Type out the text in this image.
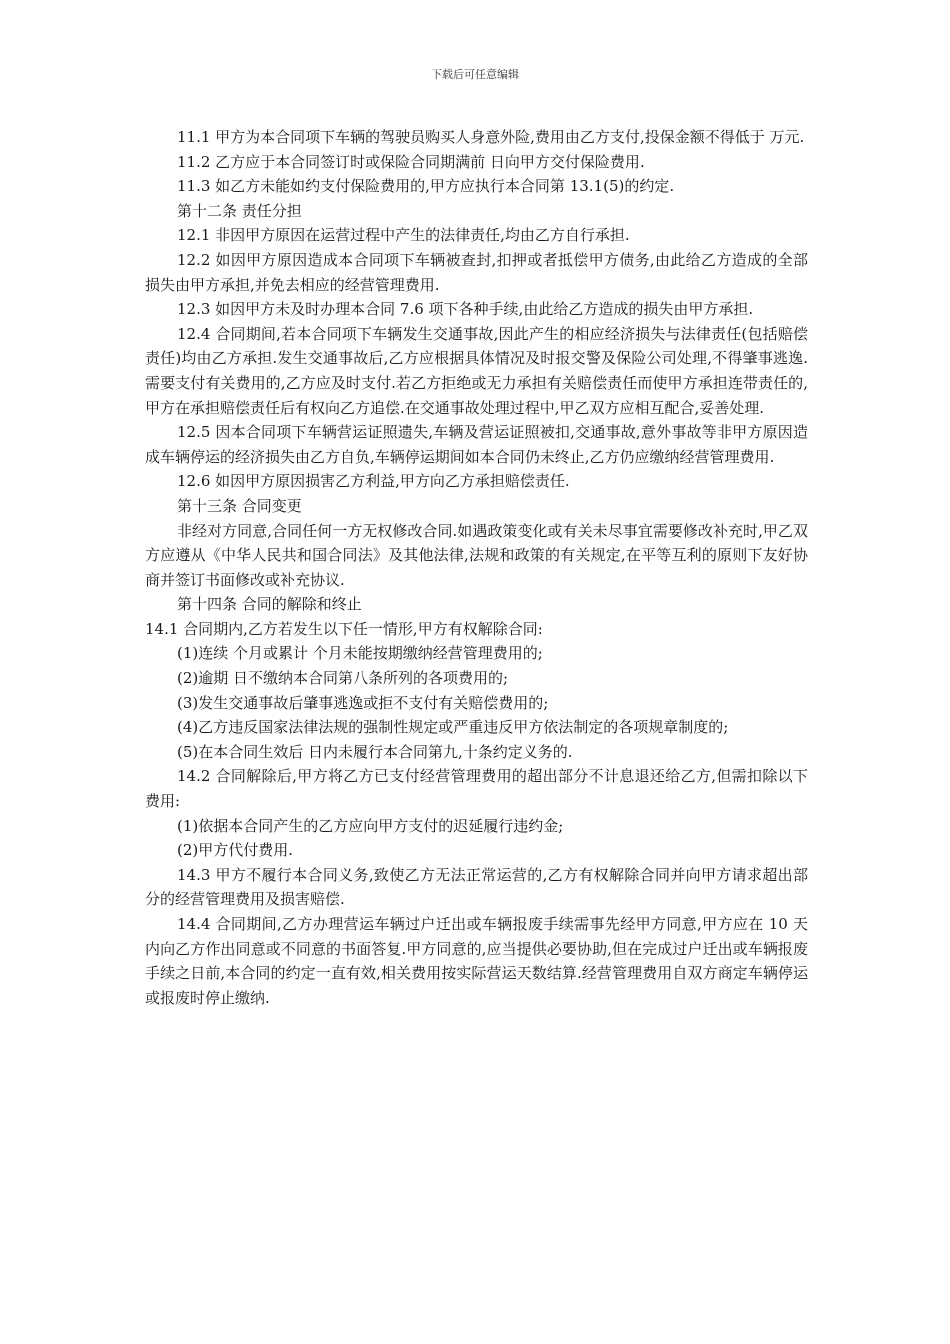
下载后可任意编辑

11.1 甲方为本合同项下车辆的驾驶员购买人身意外险,费用由乙方支付,投保金额不得低于 万元.

11.2 乙方应于本合同签订时或保险合同期满前 日向甲方交付保险费用.

11.3 如乙方未能如约支付保险费用的,甲方应执行本合同第 13.1(5)的约定.

第十二条 责任分担

12.1 非因甲方原因在运营过程中产生的法律责任,均由乙方自行承担.

12.2 如因甲方原因造成本合同项下车辆被查封,扣押或者抵偿甲方债务,由此给乙方造成的全部损失由甲方承担,并免去相应的经营管理费用.

12.3 如因甲方未及时办理本合同 7.6 项下各种手续,由此给乙方造成的损失由甲方承担.

12.4 合同期间,若本合同项下车辆发生交通事故,因此产生的相应经济损失与法律责任(包括赔偿责任)均由乙方承担.发生交通事故后,乙方应根据具体情况及时报交警及保险公司处理,不得肇事逃逸.需要支付有关费用的,乙方应及时支付.若乙方拒绝或无力承担有关赔偿责任而使甲方承担连带责任的,甲方在承担赔偿责任后有权向乙方追偿.在交通事故处理过程中,甲乙双方应相互配合,妥善处理.

12.5 因本合同项下车辆营运证照遗失,车辆及营运证照被扣,交通事故,意外事故等非甲方原因造成车辆停运的经济损失由乙方自负,车辆停运期间如本合同仍未终止,乙方仍应缴纳经营管理费用.

12.6 如因甲方原因损害乙方利益,甲方向乙方承担赔偿责任.

第十三条 合同变更

非经对方同意,合同任何一方无权修改合同.如遇政策变化或有关未尽事宜需要修改补充时,甲乙双方应遵从《中华人民共和国合同法》及其他法律,法规和政策的有关规定,在平等互利的原则下友好协商并签订书面修改或补充协议.

第十四条 合同的解除和终止

14.1 合同期内,乙方若发生以下任一情形,甲方有权解除合同:

(1)连续 个月或累计 个月未能按期缴纳经营管理费用的;

(2)逾期 日不缴纳本合同第八条所列的各项费用的;

(3)发生交通事故后肇事逃逸或拒不支付有关赔偿费用的;

(4)乙方违反国家法律法规的强制性规定或严重违反甲方依法制定的各项规章制度的;

(5)在本合同生效后 日内未履行本合同第九,十条约定义务的.

14.2 合同解除后,甲方将乙方已支付经营管理费用的超出部分不计息退还给乙方,但需扣除以下费用:

(1)依据本合同产生的乙方应向甲方支付的迟延履行违约金;

(2)甲方代付费用.

14.3 甲方不履行本合同义务,致使乙方无法正常运营的,乙方有权解除合同并向甲方请求超出部分的经营管理费用及损害赔偿.

14.4 合同期间,乙方办理营运车辆过户迁出或车辆报废手续需事先经甲方同意,甲方应在 10 天内向乙方作出同意或不同意的书面答复.甲方同意的,应当提供必要协助,但在完成过户迁出或车辆报废手续之日前,本合同的约定一直有效,相关费用按实际营运天数结算.经营管理费用自双方商定车辆停运或报废时停止缴纳.
